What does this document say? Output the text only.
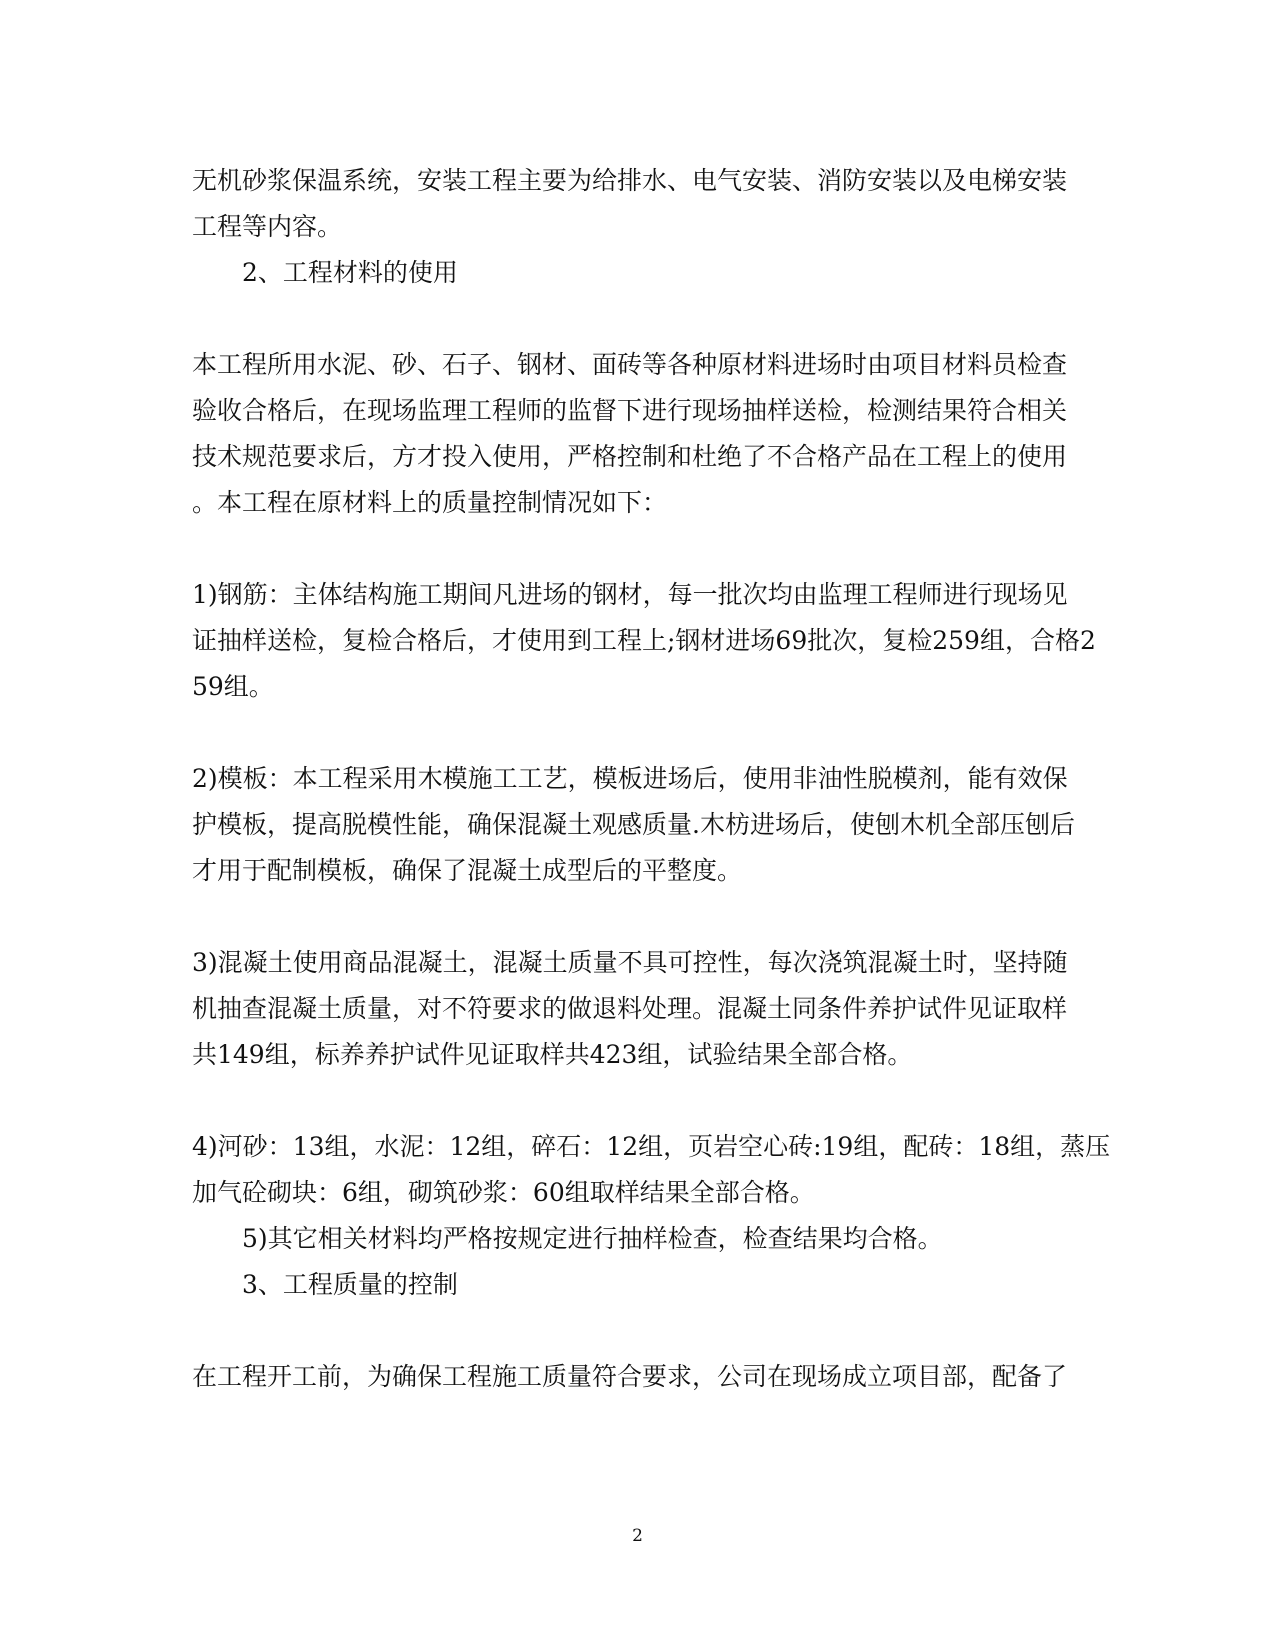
无机砂浆保温系统，安装工程主要为给排水、电气安装、消防安装以及电梯安装
工程等内容。
2、工程材料的使用
本工程所用水泥、砂、石子、钢材、面砖等各种原材料进场时由项目材料员检查
验收合格后，在现场监理工程师的监督下进行现场抽样送检，检测结果符合相关
技术规范要求后，方才投入使用，严格控制和杜绝了不合格产品在工程上的使用
。本工程在原材料上的质量控制情况如下：
1)钢筋：主体结构施工期间凡进场的钢材，每一批次均由监理工程师进行现场见
证抽样送检，复检合格后，才使用到工程上;钢材进场69批次，复检259组，合格2
59组。
2)模板：本工程采用木模施工工艺，模板进场后，使用非油性脱模剂，能有效保
护模板，提高脱模性能，确保混凝土观感质量.木枋进场后，使刨木机全部压刨后
才用于配制模板，确保了混凝土成型后的平整度。
3)混凝土使用商品混凝土，混凝土质量不具可控性，每次浇筑混凝土时，坚持随
机抽查混凝土质量，对不符要求的做退料处理。混凝土同条件养护试件见证取样
共149组，标养养护试件见证取样共423组，试验结果全部合格。
4)河砂：13组，水泥：12组，碎石：12组，页岩空心砖:19组，配砖：18组，蒸压
加气砼砌块：6组，砌筑砂浆：60组取样结果全部合格。
5)其它相关材料均严格按规定进行抽样检查，检查结果均合格。
3、工程质量的控制
在工程开工前，为确保工程施工质量符合要求，公司在现场成立项目部，配备了
2
